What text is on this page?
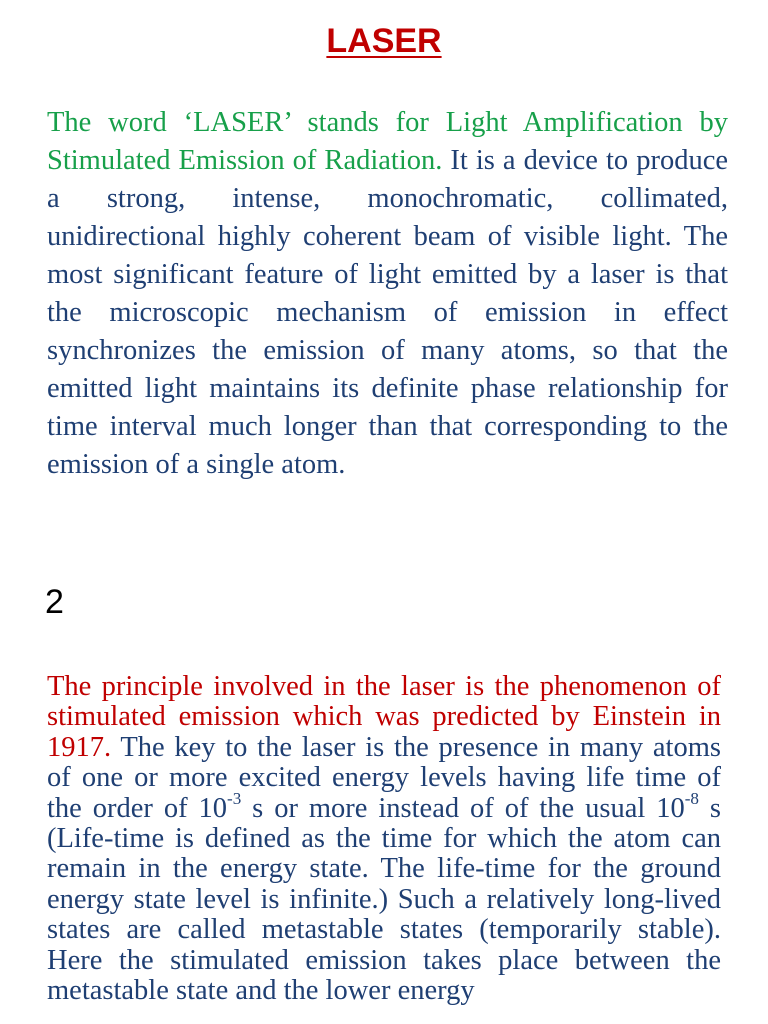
LASER

The word ‘LASER’ stands for Light Amplification by Stimulated Emission of Radiation. It is a device to produce a strong, intense, monochromatic, collimated, unidirectional highly coherent beam of visible light. The most significant feature of light emitted by a laser is that the microscopic mechanism of emission in effect synchronizes the emission of many atoms, so that the emitted light maintains its definite phase relationship for time interval much longer than that corresponding to the emission of a single atom.

2

The principle involved in the laser is the phenomenon of stimulated emission which was predicted by Einstein in 1917. The key to the laser is the presence in many atoms of one or more excited energy levels having life time of the order of $10^{-3}$ s or more instead of of the usual $10^{-8}$ s (Life-time is defined as the time for which the atom can remain in the energy state. The life-time for the ground energy state level is infinite.) Such a relatively long-lived states are called metastable states (temporarily stable). Here the stimulated emission takes place between the metastable state and the lower energy
